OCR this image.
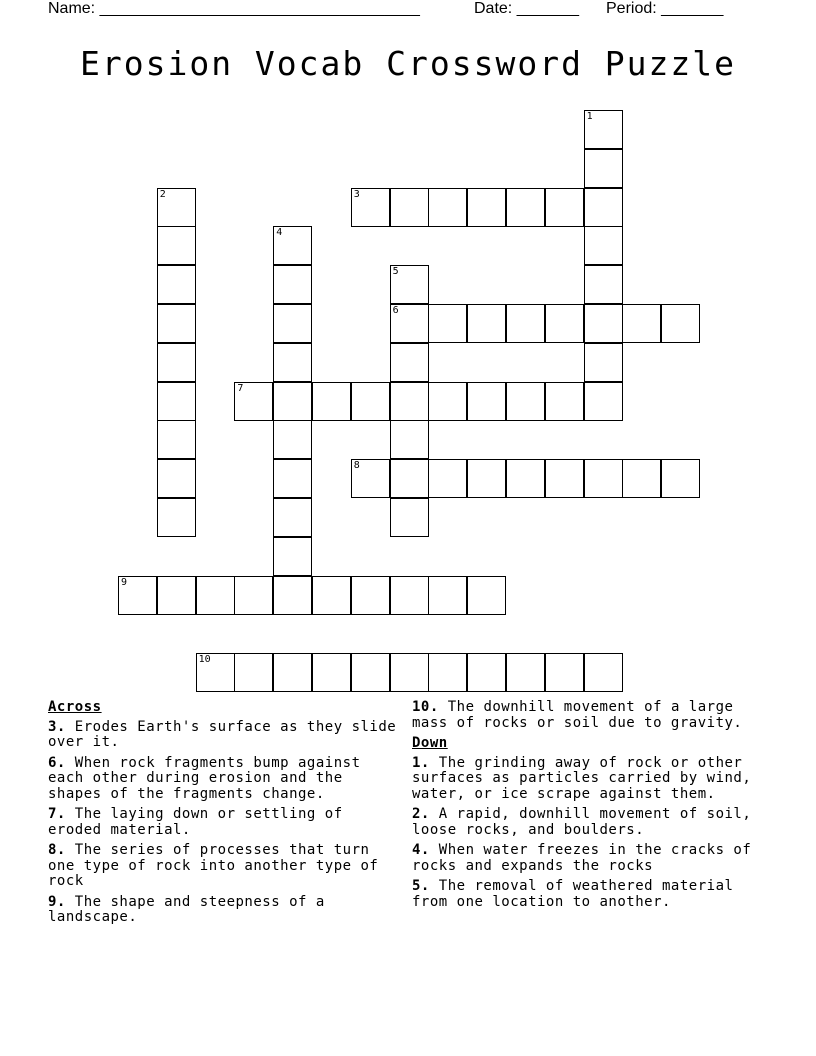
Name: ____________________________________	Date: _______ Period: _______
Erosion Vocab Crossword Puzzle
1
2	3
4
5
6
7
8
9
10
Across
3. Erodes Earth's surface as they slide over it.
6. When rock fragments bump against each other during erosion and the shapes of the fragments change.
7. The laying down or settling of eroded material.
8. The series of processes that turn one type of rock into another type of rock
9. The shape and steepness of a landscape.
10. The downhill movement of a large mass of rocks or soil due to gravity.
Down
1. The grinding away of rock or other surfaces as particles carried by wind, water, or ice scrape against them.
2. A rapid, downhill movement of soil, loose rocks, and boulders.
4. When water freezes in the cracks of rocks and expands the rocks
5. The removal of weathered material from one location to another.
